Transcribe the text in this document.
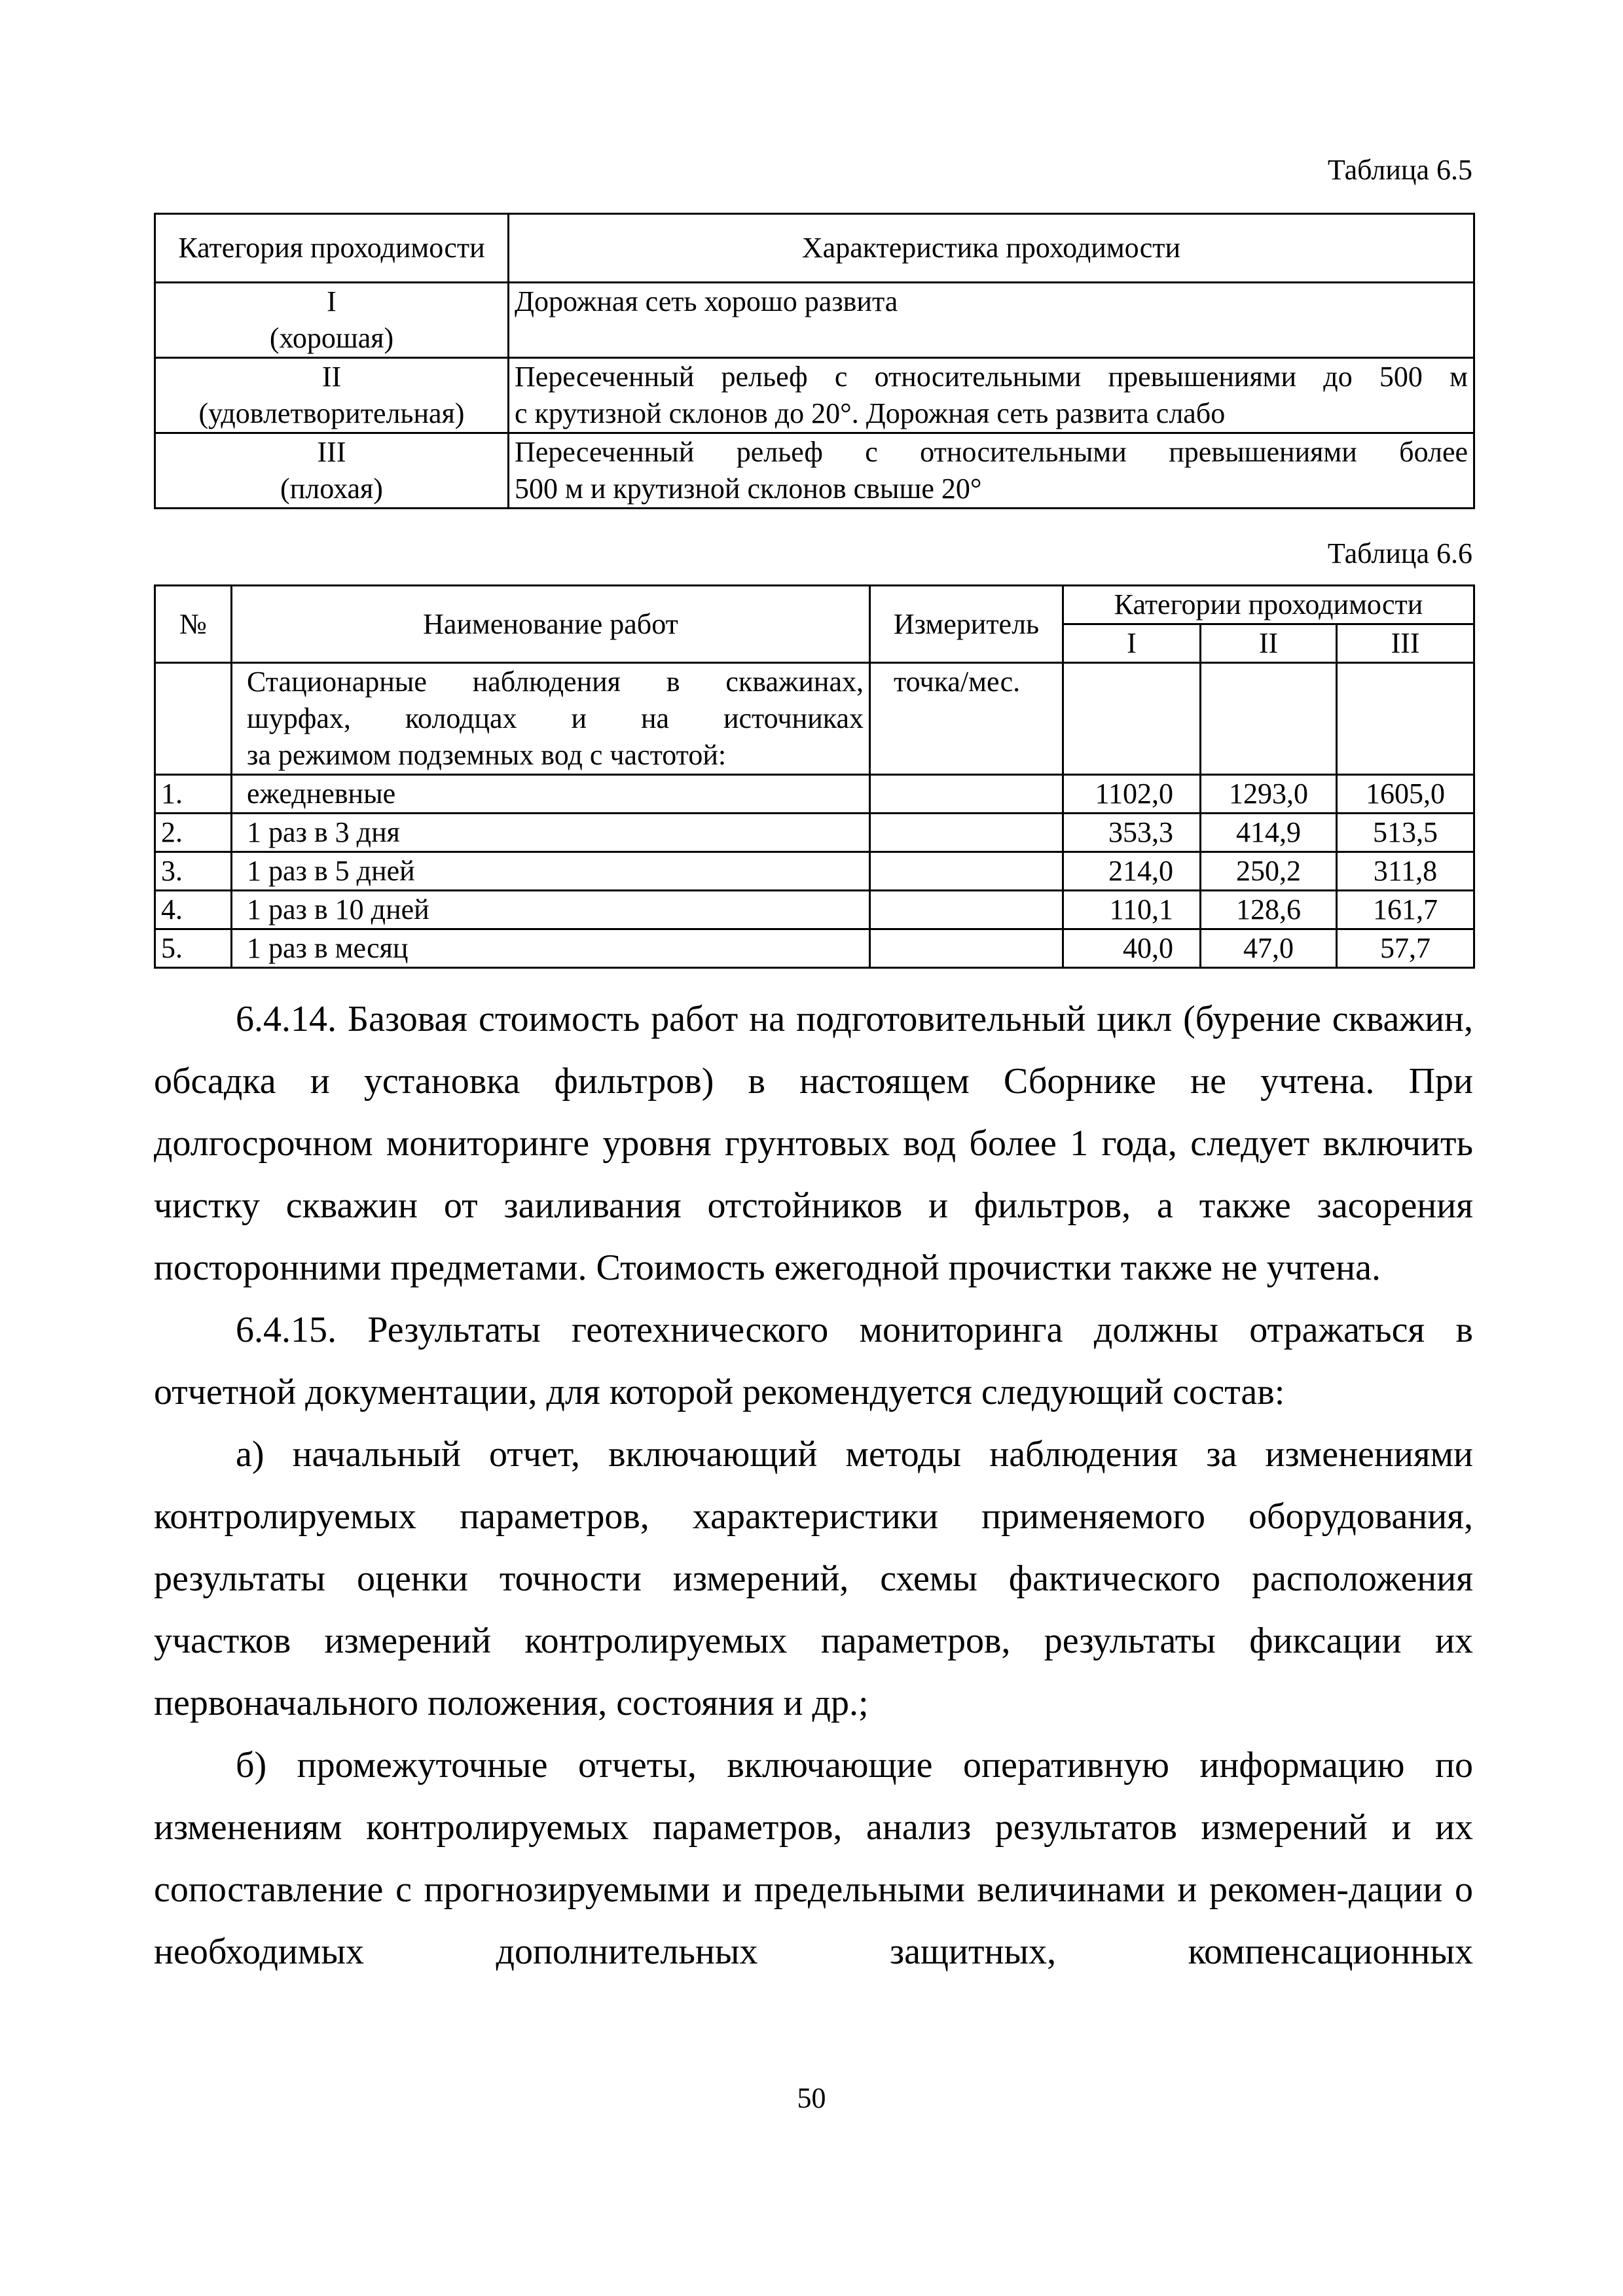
Таблица 6.5
Категория проходимости	Характеристика проходимости

I
(хорошая)	Дорожная сеть хорошо развита

II
(удовлетворительная)	Пересеченный рельеф с относительными превышениями до 500 м
с крутизной склонов до 20°. Дорожная сеть развита слабо

III
(плохая)	Пересеченный рельеф с относительными превышениями более
500 м и крутизной склонов свыше 20°
Таблица 6.6
№	Наименование работ	Измеритель	Категории проходимости		
			I	II	III

	Стационарные наблюдения в скважинах,
шурфах, колодцах и на источниках
за режимом подземных вод с частотой:	точка/мес.			
1.	ежедневные		1102,0	1293,0	1605,0
2.	1 раз в 3 дня		353,3	414,9	513,5
3.	1 раз в 5 дней		214,0	250,2	311,8
4.	1 раз в 10 дней		110,1	128,6	161,7
5.	1 раз в месяц		40,0	47,0	57,7

6.4.14. Базовая стоимость работ на подготовительный цикл (бурение скважин, обсадка и установка фильтров) в настоящем Сборнике не учтена. При долгосрочном мониторинге уровня грунтовых вод более 1 года, следует включить чистку скважин от заиливания отстойников и фильтров, а также засорения посторонними предметами. Стоимость ежегодной прочистки также не учтена.

6.4.15. Результаты геотехнического мониторинга должны отражаться в отчетной документации, для которой рекомендуется следующий состав:

а) начальный отчет, включающий методы наблюдения за изменениями контролируемых параметров, характеристики применяемого оборудования, результаты оценки точности измерений, схемы фактического расположения участков измерений контролируемых параметров, результаты фиксации их первоначального положения, состояния и др.;

б) промежуточные отчеты, включающие оперативную информацию по изменениям контролируемых параметров, анализ результатов измерений и их сопоставление с прогнозируемыми и предельными величинами и рекомен-дации о необходимых дополнительных защитных, компенсационных

50
